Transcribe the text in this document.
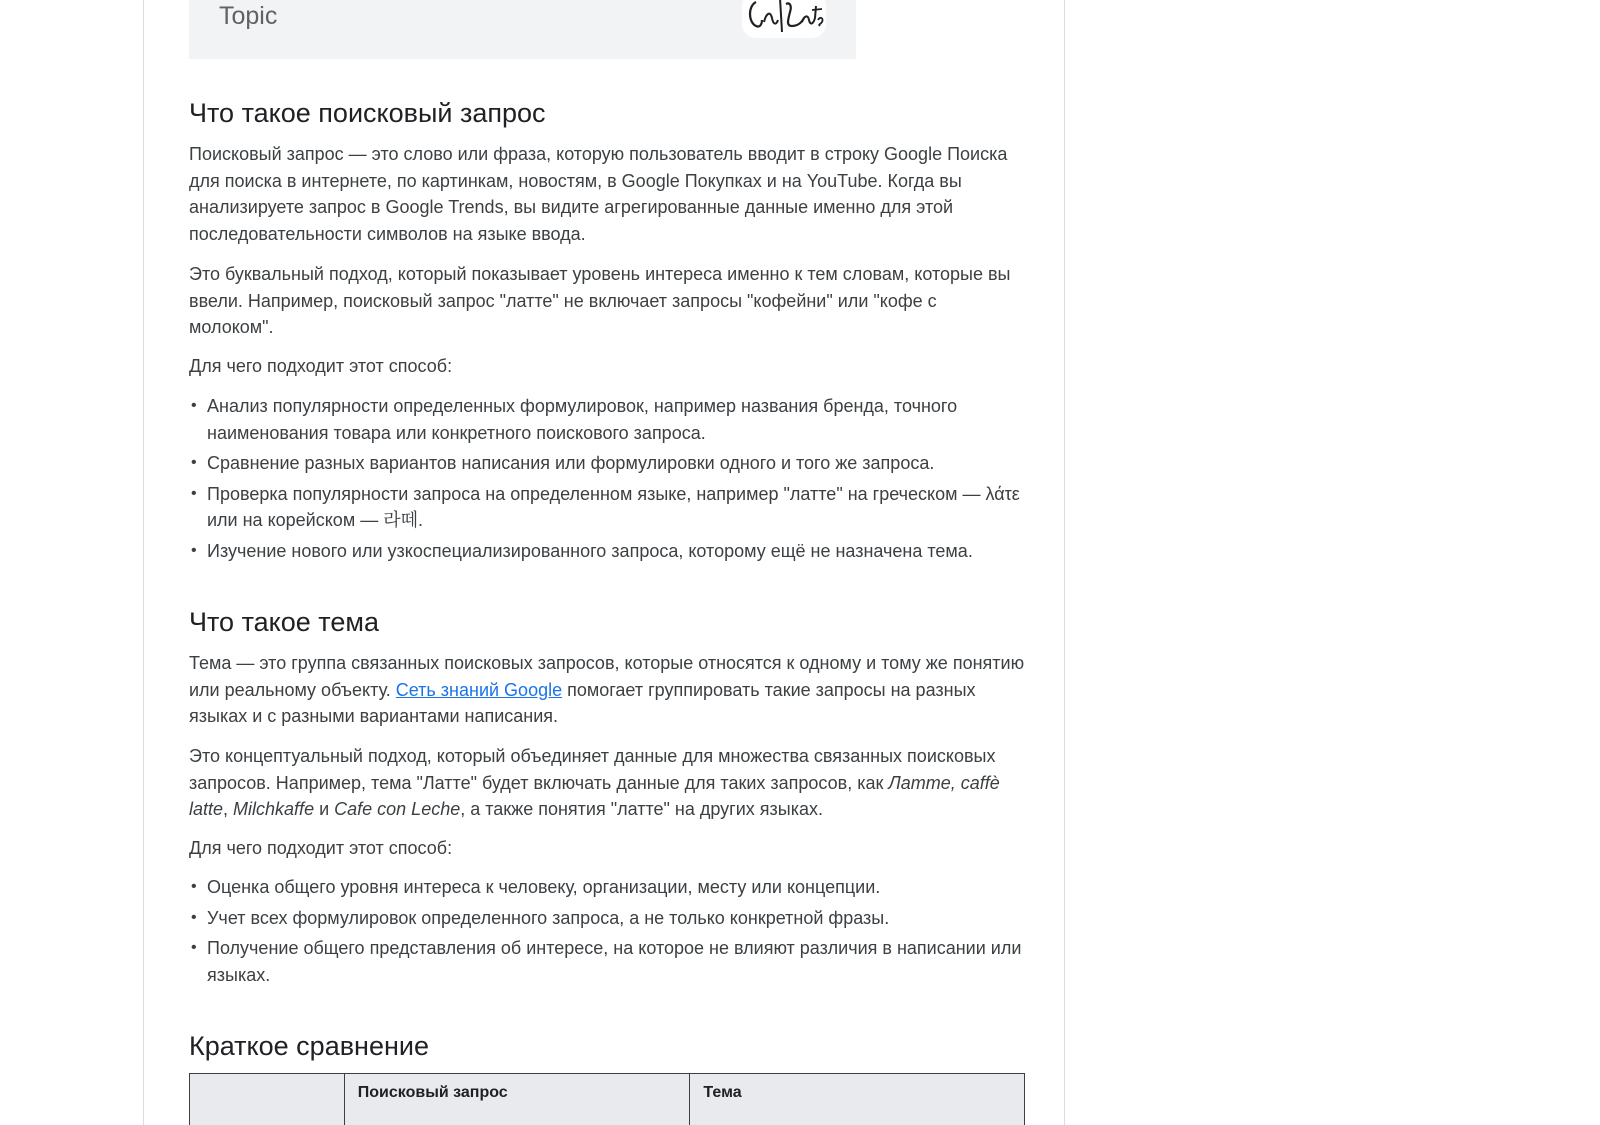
Topic
Что такое поисковый запрос

Поисковый запрос — это слово или фраза, которую пользователь вводит в строку Google Поиска для поиска в интернете, по картинкам, новостям, в Google Покупках и на YouTube. Когда вы анализируете запрос в Google Trends, вы видите агрегированные данные именно для этой последовательности символов на языке ввода.

Это буквальный подход, который показывает уровень интереса именно к тем словам, которые вы ввели. Например, поисковый запрос "латте" не включает запросы "кофейни" или "кофе с молоком".

Для чего подходит этот способ:

• Анализ популярности определенных формулировок, например названия бренда, точного наименования товара или конкретного поискового запроса.
• Сравнение разных вариантов написания или формулировки одного и того же запроса.
• Проверка популярности запроса на определенном языке, например "латте" на греческом — λάτε или на корейском — 라떼.
• Изучение нового или узкоспециализированного запроса, которому ещё не назначена тема.
Что такое тема

Тема — это группа связанных поисковых запросов, которые относятся к одному и тому же понятию или реальному объекту. Сеть знаний Google помогает группировать такие запросы на разных языках и с разными вариантами написания.

Это концептуальный подход, который объединяет данные для множества связанных поисковых запросов. Например, тема "Латте" будет включать данные для таких запросов, как Латте, caffè latte, Milchkaffe и Cafe con Leche, а также понятия "латте" на других языках.

Для чего подходит этот способ:

• Оценка общего уровня интереса к человеку, организации, месту или концепции.
• Учет всех формулировок определенного запроса, а не только конкретной фразы.
• Получение общего представления об интересе, на которое не влияют различия в написании или языках.
Краткое сравнение
	Поисковый запрос	Тема
